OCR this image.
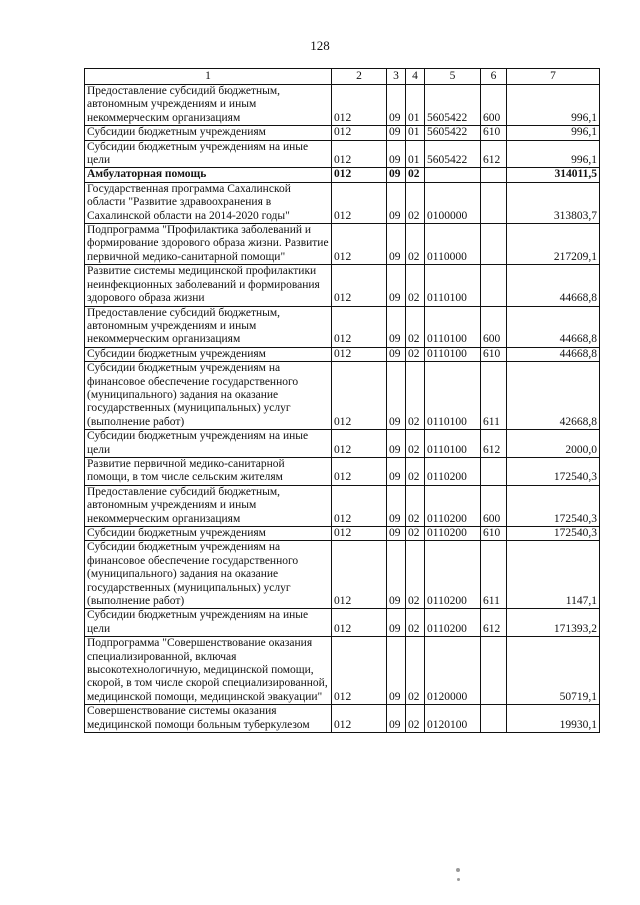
128
1	2	3	4	5	6	7
Предоставление субсидий бюджетным, автономным учреждениям и иным некоммерческим организациям	012	09	01	5605422	600	996,1
Субсидии бюджетным учреждениям	012	09	01	5605422	610	996,1
Субсидии бюджетным учреждениям на иные цели	012	09	01	5605422	612	996,1
Амбулаторная помощь	012	09	02			314011,5
Государственная программа Сахалинской области "Развитие здравоохранения в Сахалинской области на 2014-2020 годы"	012	09	02	0100000		313803,7
Подпрограмма "Профилактика заболеваний и формирование здорового образа жизни. Развитие первичной медико-санитарной помощи"	012	09	02	0110000		217209,1
Развитие системы медицинской профилактики неинфекционных заболеваний и формирования здорового образа жизни	012	09	02	0110100		44668,8
Предоставление субсидий бюджетным, автономным учреждениям и иным некоммерческим организациям	012	09	02	0110100	600	44668,8
Субсидии бюджетным учреждениям	012	09	02	0110100	610	44668,8
Субсидии бюджетным учреждениям на финансовое обеспечение государственного (муниципального) задания на оказание государственных (муниципальных) услуг (выполнение работ)	012	09	02	0110100	611	42668,8
Субсидии бюджетным учреждениям на иные цели	012	09	02	0110100	612	2000,0
Развитие первичной медико-санитарной помощи, в том числе сельским жителям	012	09	02	0110200		172540,3
Предоставление субсидий бюджетным, автономным учреждениям и иным некоммерческим организациям	012	09	02	0110200	600	172540,3
Субсидии бюджетным учреждениям	012	09	02	0110200	610	172540,3
Субсидии бюджетным учреждениям на финансовое обеспечение государственного (муниципального) задания на оказание государственных (муниципальных) услуг (выполнение работ)	012	09	02	0110200	611	1147,1
Субсидии бюджетным учреждениям на иные цели	012	09	02	0110200	612	171393,2
Подпрограмма "Совершенствование оказания специализированной, включая высокотехнологичную, медицинской помощи, скорой, в том числе скорой специализированной, медицинской помощи, медицинской эвакуации"	012	09	02	0120000		50719,1
Совершенствование системы оказания медицинской помощи больным туберкулезом	012	09	02	0120100		19930,1
